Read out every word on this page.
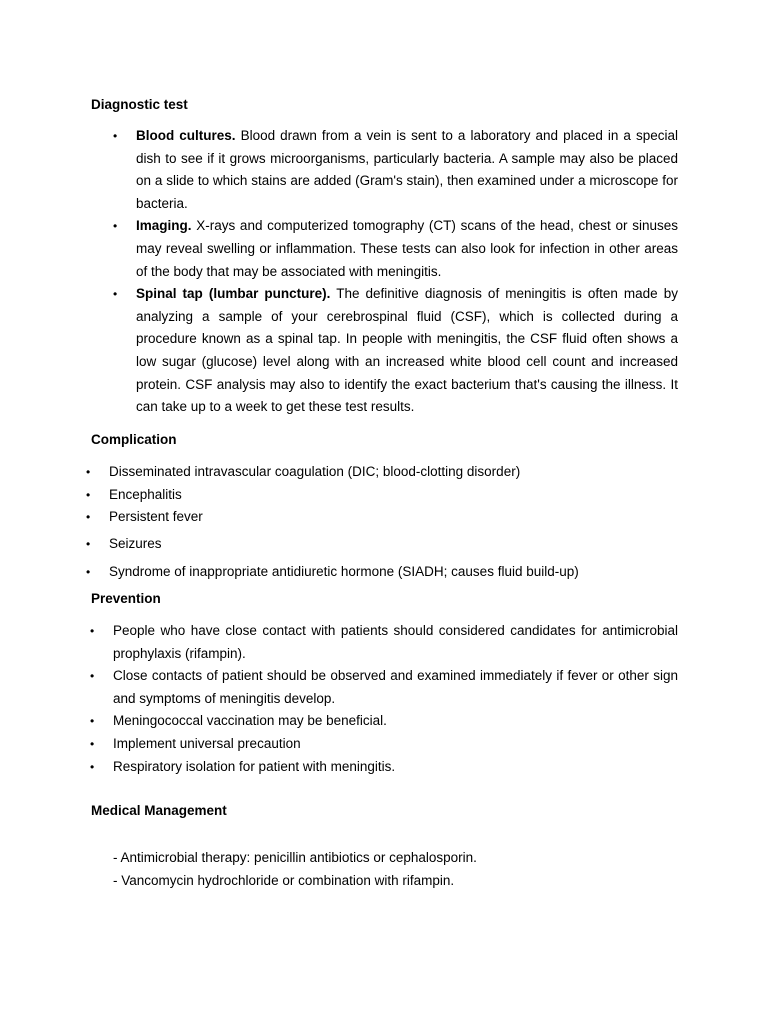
Diagnostic test
• Blood cultures. Blood drawn from a vein is sent to a laboratory and placed in a special dish to see if it grows microorganisms, particularly bacteria. A sample may also be placed on a slide to which stains are added (Gram's stain), then examined under a microscope for bacteria.
• Imaging. X-rays and computerized tomography (CT) scans of the head, chest or sinuses may reveal swelling or inflammation. These tests can also look for infection in other areas of the body that may be associated with meningitis.
• Spinal tap (lumbar puncture). The definitive diagnosis of meningitis is often made by analyzing a sample of your cerebrospinal fluid (CSF), which is collected during a procedure known as a spinal tap. In people with meningitis, the CSF fluid often shows a low sugar (glucose) level along with an increased white blood cell count and increased protein. CSF analysis may also to identify the exact bacterium that's causing the illness. It can take up to a week to get these test results.
Complication
• Disseminated intravascular coagulation (DIC; blood-clotting disorder)
• Encephalitis
• Persistent fever
• Seizures
• Syndrome of inappropriate antidiuretic hormone (SIADH; causes fluid build-up)
Prevention
• People who have close contact with patients should considered candidates for antimicrobial prophylaxis (rifampin).
• Close contacts of patient should be observed and examined immediately if fever or other sign and symptoms of meningitis develop.
• Meningococcal vaccination may be beneficial.
• Implement universal precaution
• Respiratory isolation for patient with meningitis.
Medical Management
- Antimicrobial therapy: penicillin antibiotics or cephalosporin.
- Vancomycin hydrochloride or combination with rifampin.
